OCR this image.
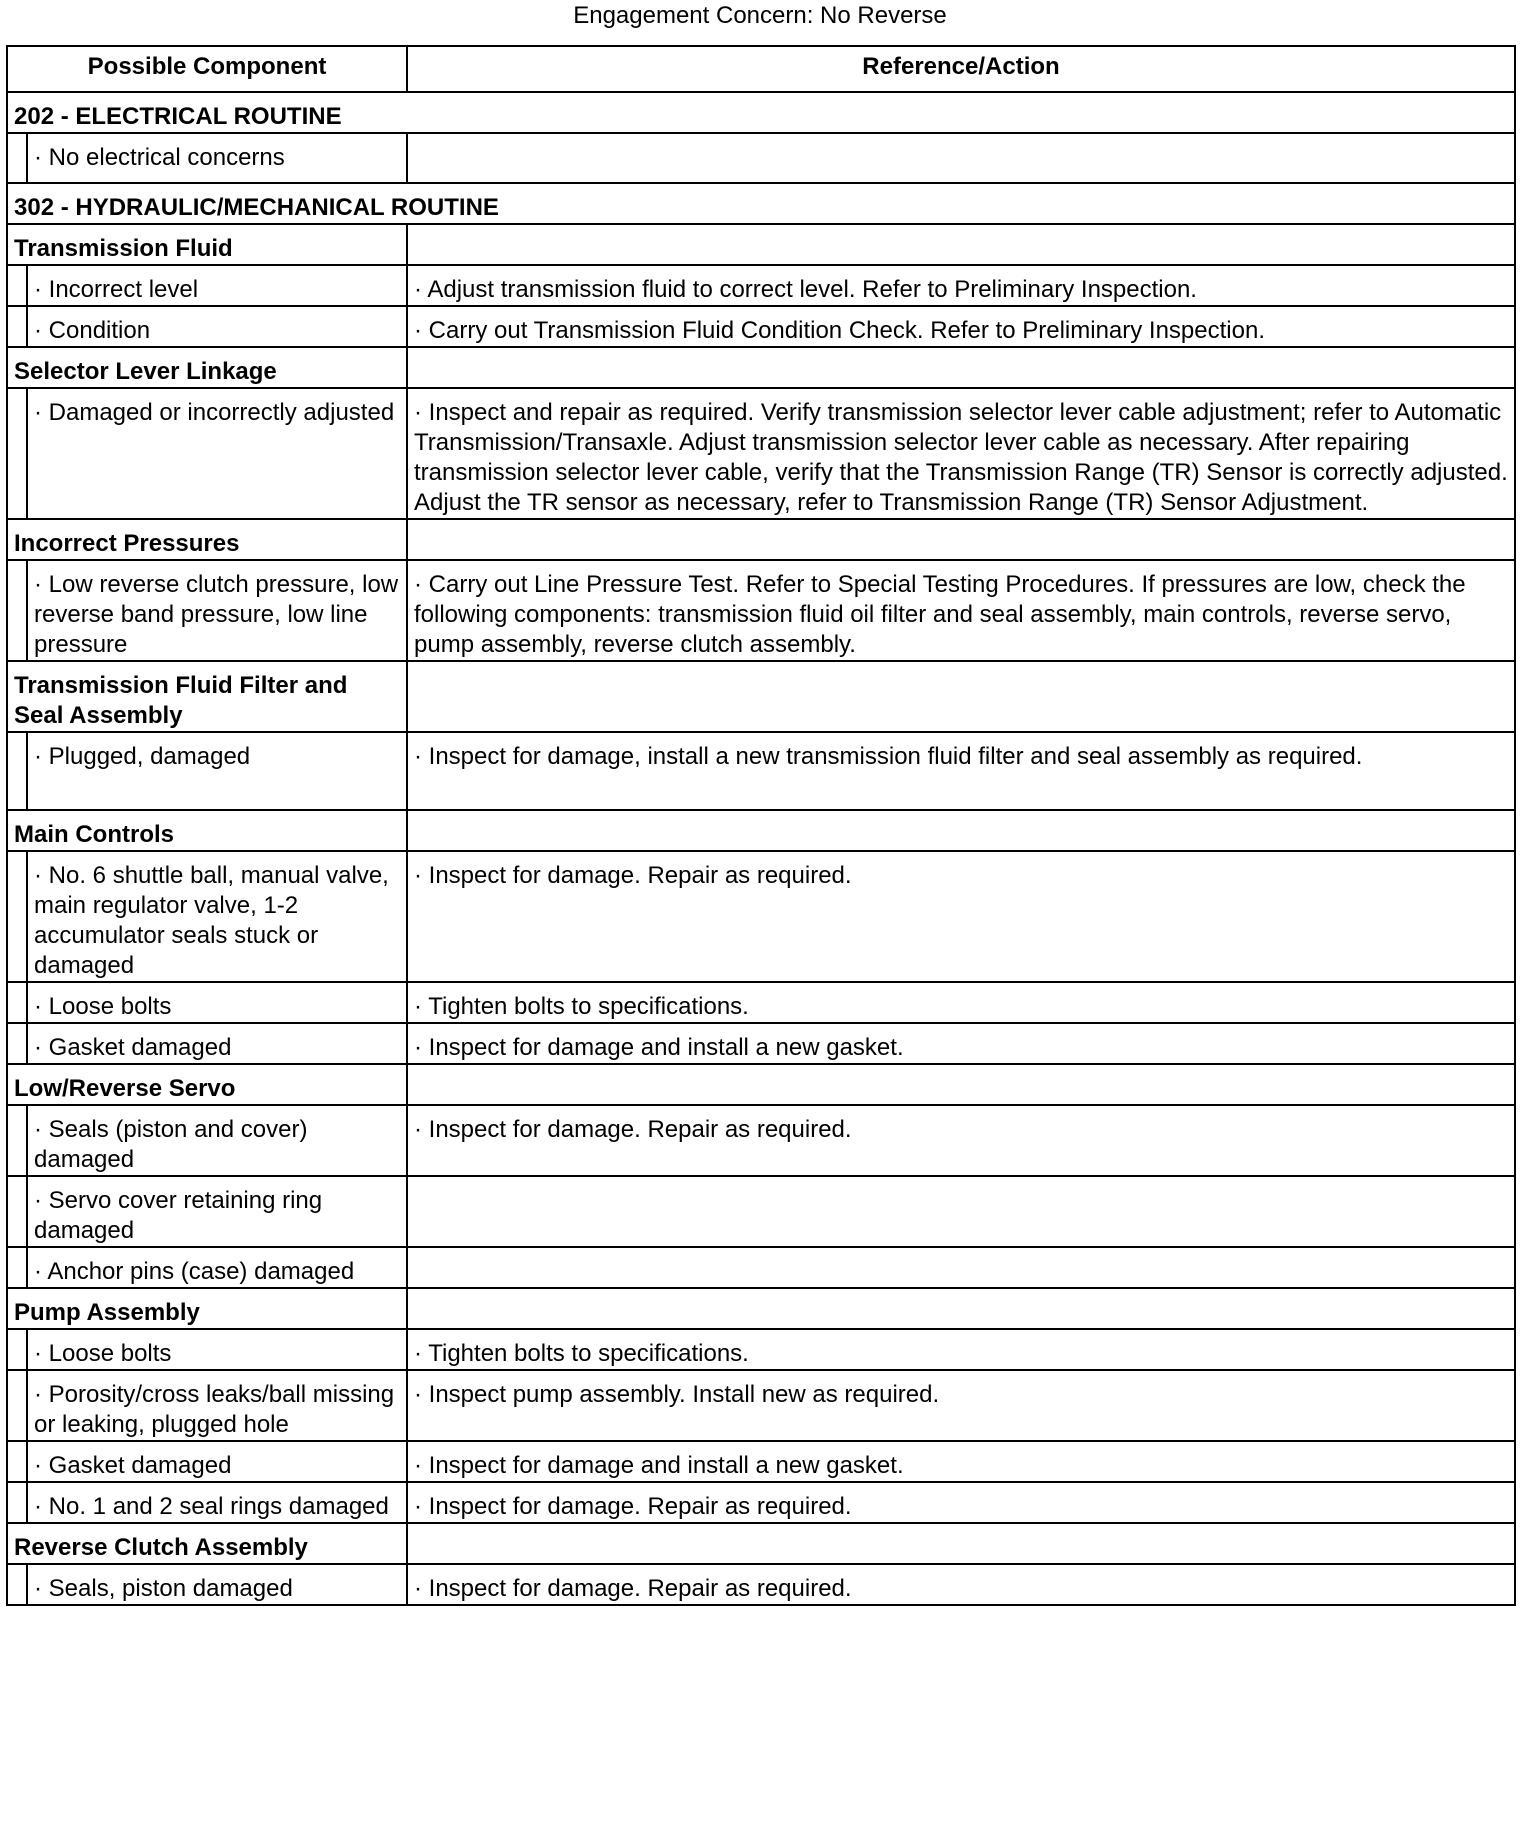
Engagement Concern: No Reverse
Possible Component		Reference/Action
202 - ELECTRICAL ROUTINE		
	· No electrical concerns	
302 - HYDRAULIC/MECHANICAL ROUTINE		
Transmission Fluid		
	· Incorrect level	· Adjust transmission fluid to correct level. Refer to Preliminary Inspection.
	· Condition	· Carry out Transmission Fluid Condition Check. Refer to Preliminary Inspection.
Selector Lever Linkage		
	· Damaged or incorrectly adjusted	· Inspect and repair as required. Verify transmission selector lever cable adjustment; refer to Automatic Transmission/Transaxle. Adjust transmission selector lever cable as necessary. After repairing transmission selector lever cable, verify that the Transmission Range (TR) Sensor is correctly adjusted. Adjust the TR sensor as necessary, refer to Transmission Range (TR) Sensor Adjustment.
Incorrect Pressures		
	· Low reverse clutch pressure, low reverse band pressure, low line pressure	· Carry out Line Pressure Test. Refer to Special Testing Procedures. If pressures are low, check the following components: transmission fluid oil filter and seal assembly, main controls, reverse servo, pump assembly, reverse clutch assembly.
Transmission Fluid Filter and Seal Assembly		
	· Plugged, damaged	· Inspect for damage, install a new transmission fluid filter and seal assembly as required.
Main Controls		
	· No. 6 shuttle ball, manual valve, main regulator valve, 1-2 accumulator seals stuck or damaged	· Inspect for damage. Repair as required.
	· Loose bolts	· Tighten bolts to specifications.
	· Gasket damaged	· Inspect for damage and install a new gasket.
Low/Reverse Servo		
	· Seals (piston and cover) damaged	· Inspect for damage. Repair as required.
	· Servo cover retaining ring damaged	
	· Anchor pins (case) damaged	
Pump Assembly		
	· Loose bolts	· Tighten bolts to specifications.
	· Porosity/cross leaks/ball missing or leaking, plugged hole	· Inspect pump assembly. Install new as required.
	· Gasket damaged	· Inspect for damage and install a new gasket.
	· No. 1 and 2 seal rings damaged	· Inspect for damage. Repair as required.
Reverse Clutch Assembly		
	· Seals, piston damaged	· Inspect for damage. Repair as required.
